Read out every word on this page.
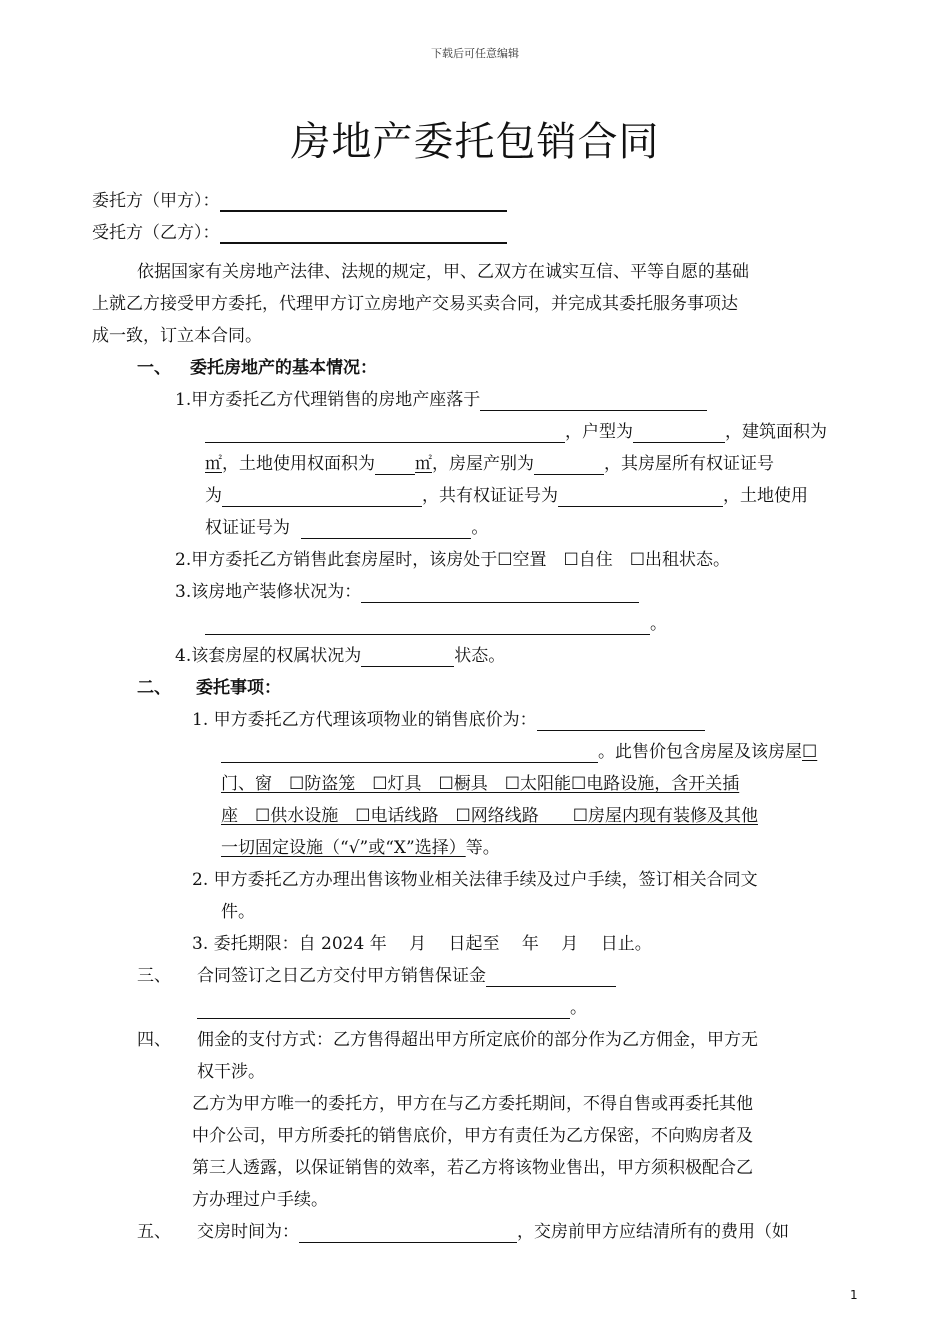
下载后可任意编辑
房地产委托包销合同
委托方（甲方）：
受托方（乙方）：
依据国家有关房地产法律、法规的规定，甲、乙双方在诚实互信、平等自愿的基础
上就乙方接受甲方委托，代理甲方订立房地产交易买卖合同，并完成其委托服务事项达
成一致，订立本合同。
一、 委托房地产的基本情况：
1.甲方委托乙方代理销售的房地产座落于
，户型为	，建筑面积为
㎡，土地使用权面积为 ㎡，房屋产别为	，其房屋所有权证证号
为	，共有权证证号为	，土地使用
权证证号为	。
2.甲方委托乙方销售此套房屋时，该房处于☐空置　☐自住　☐出租状态。
3.该房地产装修状况为：
。
4.该套房屋的权属状况为	状态。
二、 委托事项：
1. 甲方委托乙方代理该项物业的销售底价为：
。此售价包含房屋及该房屋☐
门、窗　☐防盗笼　☐灯具　☐橱具　☐太阳能☐电路设施，含开关插
座　☐供水设施　☐电话线路　☐网络线路　　☐房屋内现有装修及其他
一切固定设施（“√”或“X”选择）等。
2. 甲方委托乙方办理出售该物业相关法律手续及过户手续，签订相关合同文
件。
3. 委托期限：自 2024 年　 月　 日起至　 年　 月　 日止。
三、 合同签订之日乙方交付甲方销售保证金
。
四、 佣金的支付方式：乙方售得超出甲方所定底价的部分作为乙方佣金，甲方无
权干涉。
乙方为甲方唯一的委托方，甲方在与乙方委托期间，不得自售或再委托其他
中介公司，甲方所委托的销售底价，甲方有责任为乙方保密，不向购房者及
第三人透露，以保证销售的效率，若乙方将该物业售出，甲方须积极配合乙
方办理过户手续。
五、 交房时间为：	，交房前甲方应结清所有的费用（如
1
